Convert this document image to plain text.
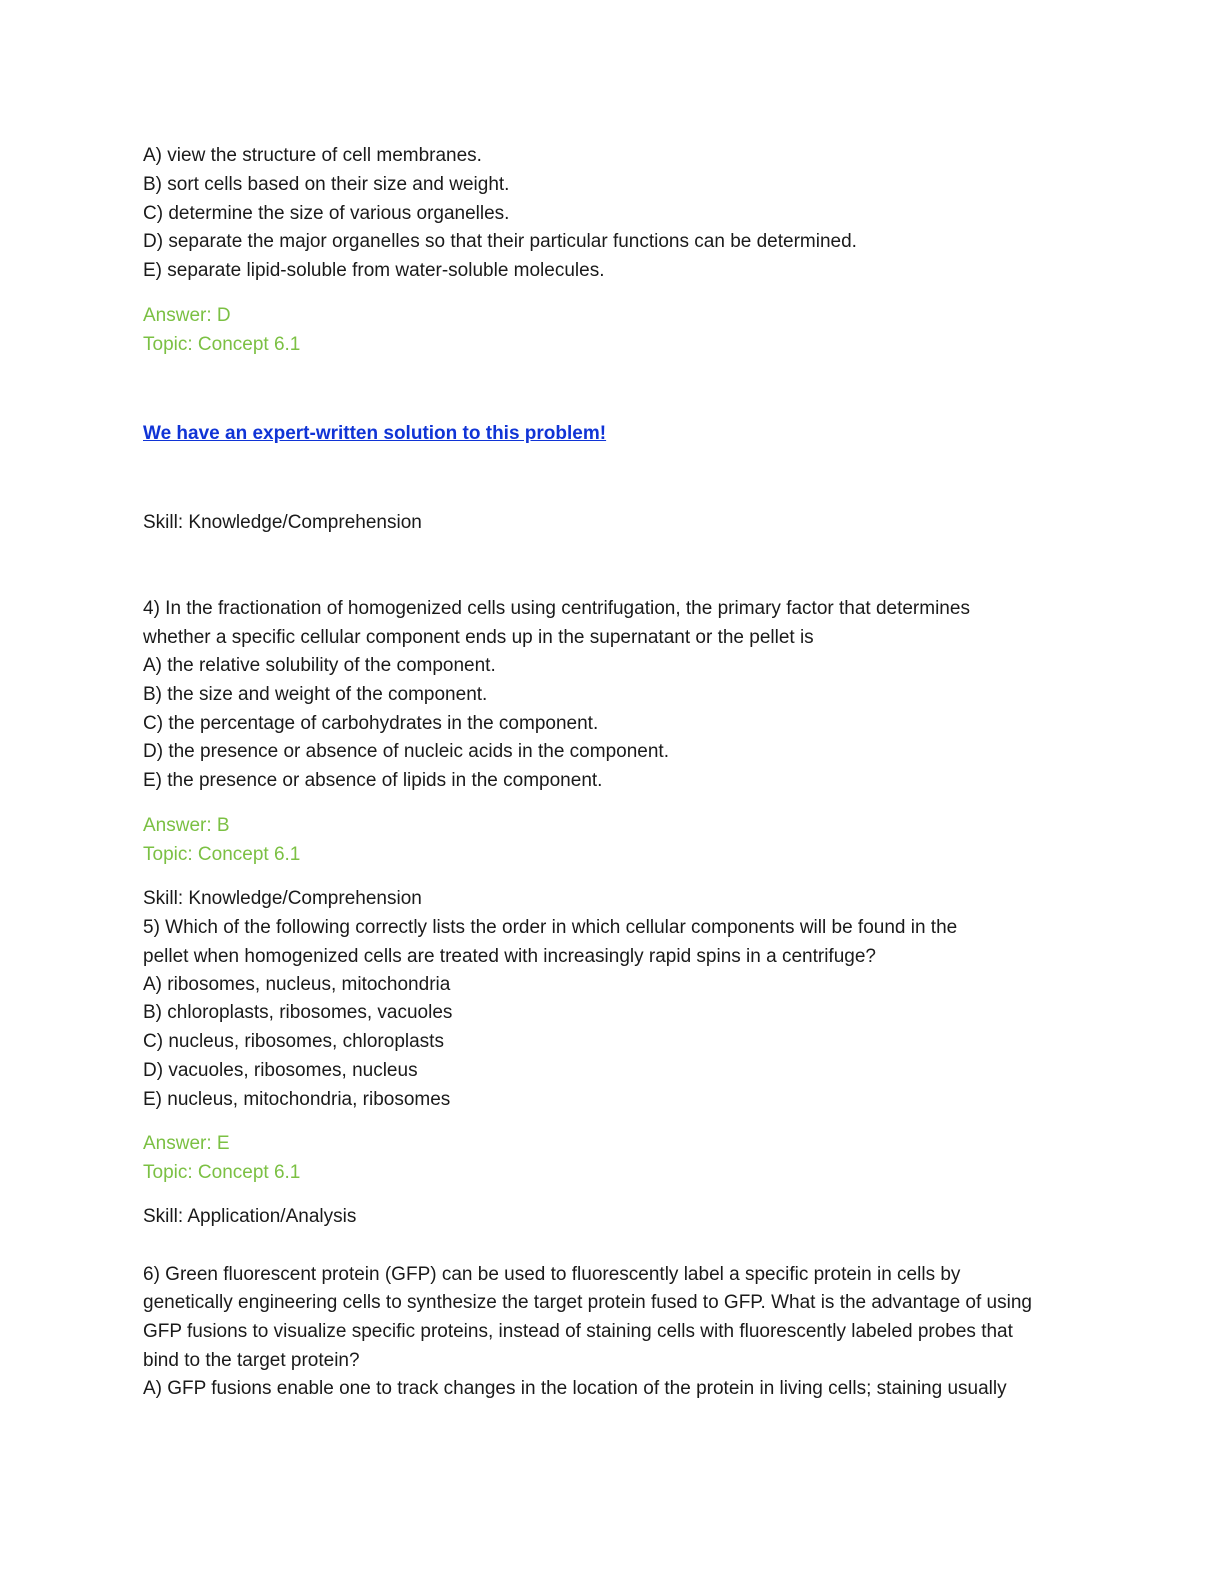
A) view the structure of cell membranes.
B) sort cells based on their size and weight.
C) determine the size of various organelles.
D) separate the major organelles so that their particular functions can be determined.
E) separate lipid-soluble from water-soluble molecules.
Answer: D
Topic: Concept 6.1
We have an expert-written solution to this problem!
Skill: Knowledge/Comprehension
4) In the fractionation of homogenized cells using centrifugation, the primary factor that determines
whether a specific cellular component ends up in the supernatant or the pellet is
A) the relative solubility of the component.
B) the size and weight of the component.
C) the percentage of carbohydrates in the component.
D) the presence or absence of nucleic acids in the component.
E) the presence or absence of lipids in the component.
Answer: B
Topic: Concept 6.1
Skill: Knowledge/Comprehension
5) Which of the following correctly lists the order in which cellular components will be found in the
pellet when homogenized cells are treated with increasingly rapid spins in a centrifuge?
A) ribosomes, nucleus, mitochondria
B) chloroplasts, ribosomes, vacuoles
C) nucleus, ribosomes, chloroplasts
D) vacuoles, ribosomes, nucleus
E) nucleus, mitochondria, ribosomes
Answer: E
Topic: Concept 6.1
Skill: Application/Analysis
6) Green fluorescent protein (GFP) can be used to fluorescently label a specific protein in cells by
genetically engineering cells to synthesize the target protein fused to GFP. What is the advantage of using
GFP fusions to visualize specific proteins, instead of staining cells with fluorescently labeled probes that
bind to the target protein?
A) GFP fusions enable one to track changes in the location of the protein in living cells; staining usually
